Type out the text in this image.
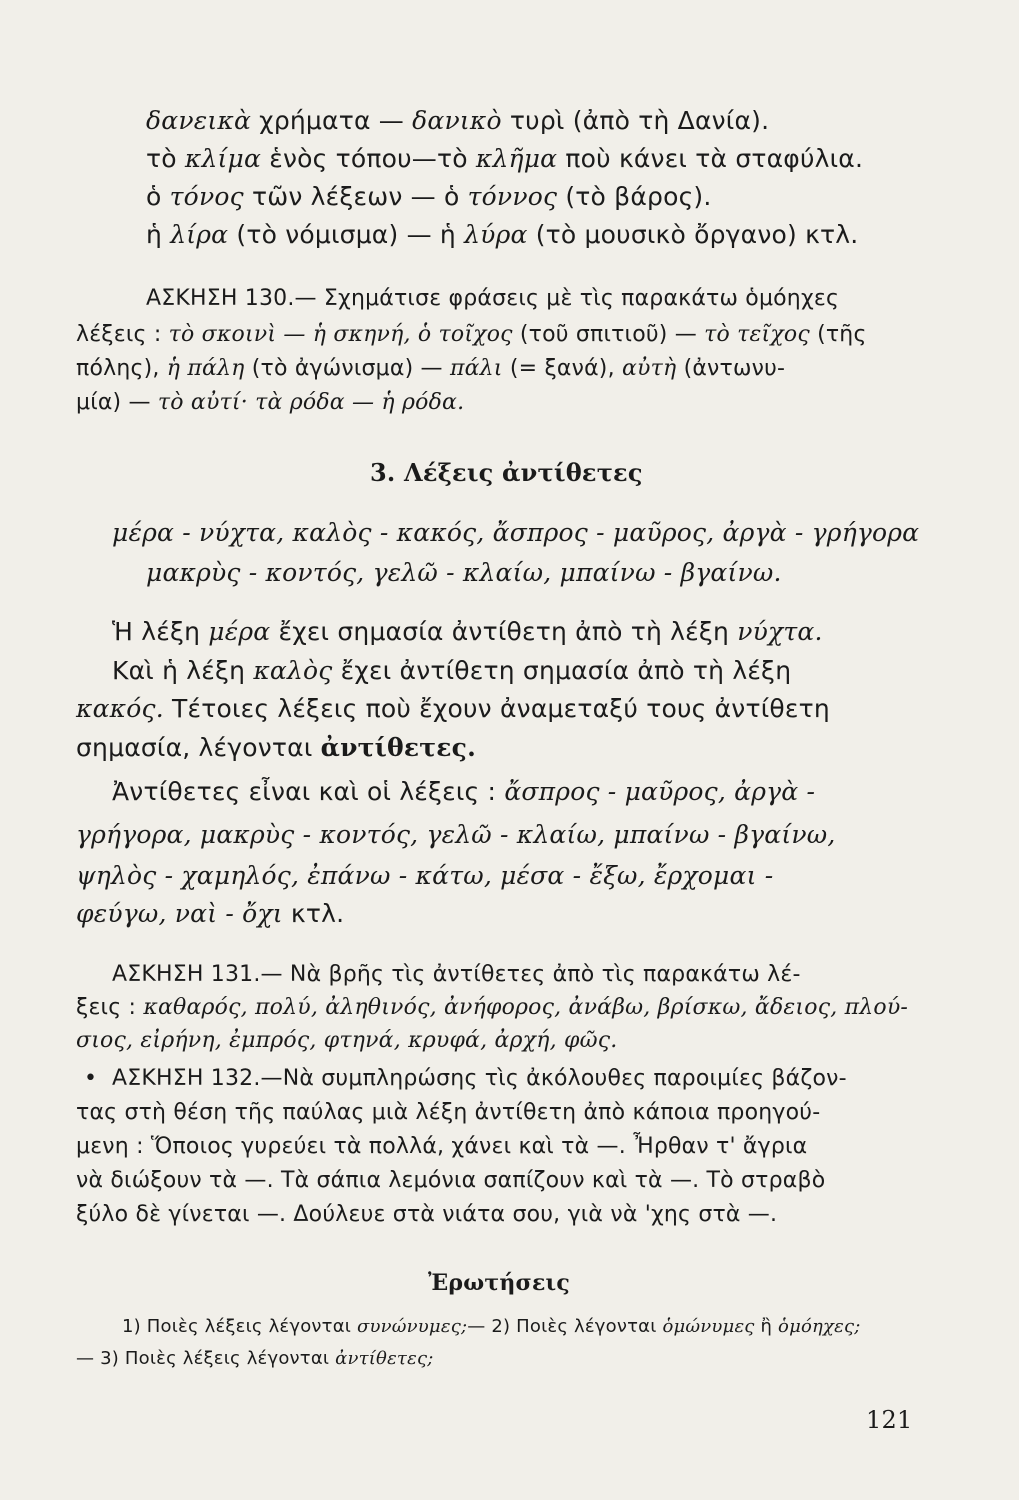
δανεικὰ χρήματα — δανικὸ τυρὶ (ἀπὸ τὴ Δανία).
τὸ κλίμα ἑνὸς τόπου—τὸ κλῆμα ποὺ κάνει τὰ σταφύλια.
ὁ τόνος τῶν λέξεων — ὁ τόννος (τὸ βάρος).
ἡ λίρα (τὸ νόμισμα) — ἡ λύρα (τὸ μουσικὸ ὄργανο) κτλ.
ΑΣΚΗΣΗ 130.— Σχημάτισε φράσεις μὲ τὶς παρακάτω ὁμόηχες
λέξεις : τὸ σκοινὶ — ἡ σκηνή, ὁ τοῖχος (τοῦ σπιτιοῦ) — τὸ τεῖχος (τῆς
πόλης), ἡ πάλη (τὸ ἀγώνισμα) — πάλι (= ξανά), αὐτὴ (ἀντωνυ-
μία) — τὸ αὐτί· τὰ ρόδα — ἡ ρόδα.
3. Λέξεις ἀντίθετες
μέρα - νύχτα, καλὸς - κακός, ἄσπρος - μαῦρος, ἀργὰ - γρήγορα
μακρὺς - κοντός, γελῶ - κλαίω, μπαίνω - βγαίνω.
Ἡ λέξη μέρα ἔχει σημασία ἀντίθετη ἀπὸ τὴ λέξη νύχτα.
Καὶ ἡ λέξη καλὸς ἔχει ἀντίθετη σημασία ἀπὸ τὴ λέξη
κακός. Τέτοιες λέξεις ποὺ ἔχουν ἀναμεταξύ τους ἀντίθετη
σημασία, λέγονται ἀντίθετες.
Ἀντίθετες εἶναι καὶ οἱ λέξεις : ἄσπρος - μαῦρος, ἀργὰ -
γρήγορα, μακρὺς - κοντός, γελῶ - κλαίω, μπαίνω - βγαίνω,
ψηλὸς - χαμηλός, ἐπάνω - κάτω, μέσα - ἔξω, ἔρχομαι -
φεύγω, ναὶ - ὄχι κτλ.
ΑΣΚΗΣΗ 131.— Νὰ βρῆς τὶς ἀντίθετες ἀπὸ τὶς παρακάτω λέ-
ξεις : καθαρός, πολύ, ἀληθινός, ἀνήφορος, ἀνάβω, βρίσκω, ἄδειος, πλού-
σιος, εἰρήνη, ἐμπρός, φτηνά, κρυφά, ἀρχή, φῶς.
• ΑΣΚΗΣΗ 132.—Νὰ συμπληρώσης τὶς ἀκόλουθες παροιμίες βάζον-
τας στὴ θέση τῆς παύλας μιὰ λέξη ἀντίθετη ἀπὸ κάποια προηγού-
μενη : Ὅποιος γυρεύει τὰ πολλά, χάνει καὶ τὰ —. Ἦρθαν τ' ἄγρια
νὰ διώξουν τὰ —. Τὰ σάπια λεμόνια σαπίζουν καὶ τὰ —. Τὸ στραβὸ
ξύλο δὲ γίνεται —. Δούλευε στὰ νιάτα σου, γιὰ νὰ 'χης στὰ —.
Ἐρωτήσεις
1) Ποιὲς λέξεις λέγονται συνώνυμες;— 2) Ποιὲς λέγονται ὁμώνυμες ἢ ὁμόηχες;
— 3) Ποιὲς λέξεις λέγονται ἀντίθετες;
121
